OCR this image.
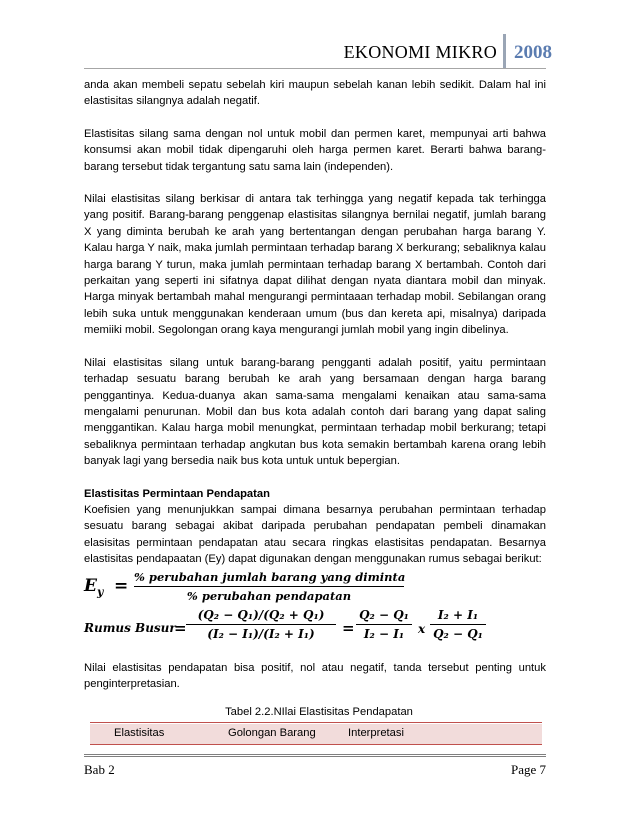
EKONOMI MIKRO 2008

anda akan membeli sepatu sebelah kiri maupun sebelah kanan lebih sedikit. Dalam hal ini elastisitas silangnya adalah negatif.

Elastisitas silang sama dengan nol untuk mobil dan permen karet, mempunyai arti bahwa konsumsi akan mobil tidak dipengaruhi oleh harga permen karet. Berarti bahwa barang-barang tersebut tidak tergantung satu sama lain (independen).

Nilai elastisitas silang berkisar di antara tak terhingga yang negatif kepada tak terhingga yang positif. Barang-barang penggenap elastisitas silangnya bernilai negatif, jumlah barang X yang diminta berubah ke arah yang bertentangan dengan perubahan harga barang Y. Kalau harga Y naik, maka jumlah permintaan terhadap barang X berkurang; sebaliknya kalau harga barang Y turun, maka jumlah permintaan terhadap barang X bertambah. Contoh dari perkaitan yang seperti ini sifatnya dapat dilihat dengan nyata diantara mobil dan minyak. Harga minyak bertambah mahal mengurangi permintaaan terhadap mobil. Sebilangan orang lebih suka untuk menggunakan kenderaan umum (bus dan kereta api, misalnya) daripada memiiki mobil. Segolongan orang kaya mengurangi jumlah mobil yang ingin dibelinya.

Nilai elastisitas silang untuk barang-barang pengganti adalah positif, yaitu permintaan terhadap sesuatu barang berubah ke arah yang bersamaan dengan harga barang penggantinya. Kedua-duanya akan sama-sama mengalami kenaikan atau sama-sama mengalami penurunan. Mobil dan bus kota adalah contoh dari barang yang dapat saling menggantikan. Kalau harga mobil menungkat, permintaan terhadap mobil berkurang; tetapi sebaliknya permintaan terhadap angkutan bus kota semakin bertambah karena orang lebih banyak lagi yang bersedia naik bus kota untuk untuk bepergian.

Elastisitas Permintaan Pendapatan

Koefisien yang menunjukkan sampai dimana besarnya perubahan permintaan terhadap sesuatu barang sebagai akibat daripada perubahan pendapatan pembeli dinamakan elasisitas permintaan pendapatan atau secara ringkas elastisitas pendapatan. Besarnya elastisitas pendapaatan (Ey) dapat digunakan dengan menggunakan rumus sebagai berikut:

$E_y$ = % perubahan jumlah barang yang diminta
% perubahan pendapatan
Rumus Busur
=
(Q₂ − Q₁)/(Q₂ + Q₁)
(I₂ − I₁)/(I₂ + I₁)	=
Q₂ − Q₁
I₂ − I₁	x
I₂ + I₁
Q₂ − Q₁

Nilai elastisitas pendapatan bisa positif, nol atau negatif, tanda tersebut penting untuk penginterpretasian.

Tabel 2.2.NIlai Elastisitas Pendapatan
Elastisitas	Golongan Barang	Interpretasi
Bab 2	Page 7
